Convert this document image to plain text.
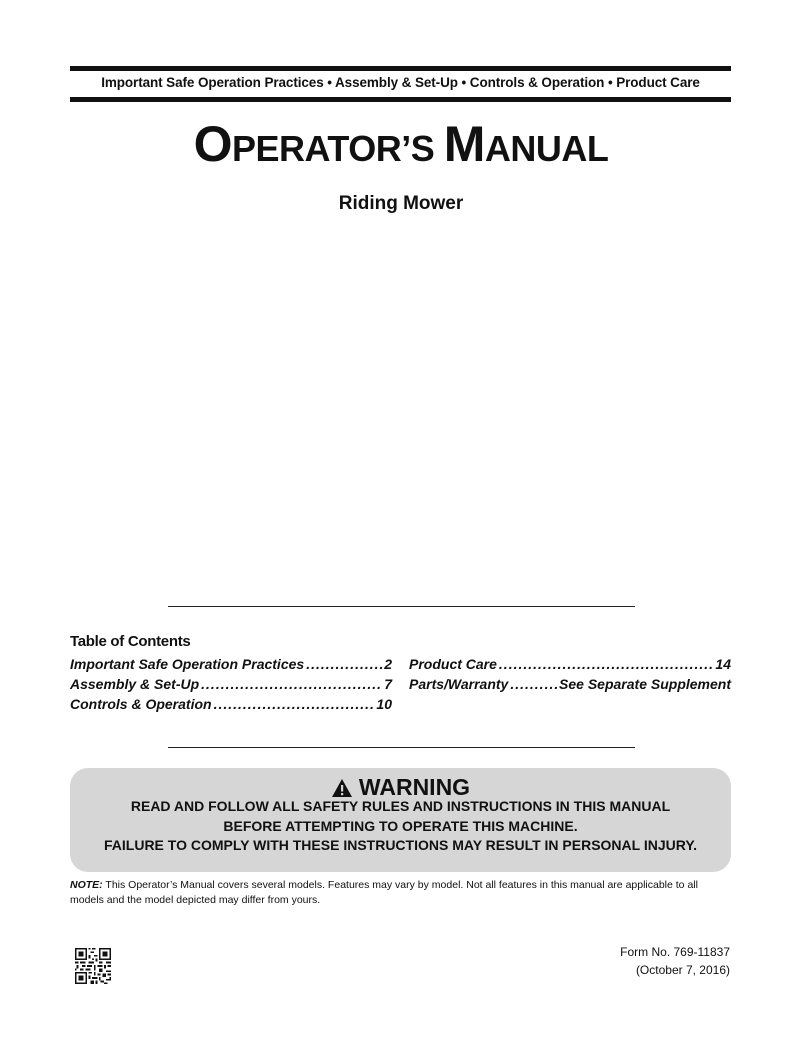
Important Safe Operation Practices • Assembly & Set-Up • Controls & Operation • Product Care
OPERATOR’S MANUAL
Riding Mower
Table of Contents
Important Safe Operation Practices .....	2
Assembly & Set-Up .....	7
Controls & Operation .....	10
Product Care .....	14
Parts/Warranty .....	See Separate Supplement
WARNING
READ AND FOLLOW ALL SAFETY RULES AND INSTRUCTIONS IN THIS MANUAL
BEFORE ATTEMPTING TO OPERATE THIS MACHINE.
FAILURE TO COMPLY WITH THESE INSTRUCTIONS MAY RESULT IN PERSONAL INJURY.
NOTE: This Operator’s Manual covers several models. Features may vary by model. Not all features in this manual are applicable to all models and the model depicted may differ from yours.
Form No. 769-11837
(October 7, 2016)
